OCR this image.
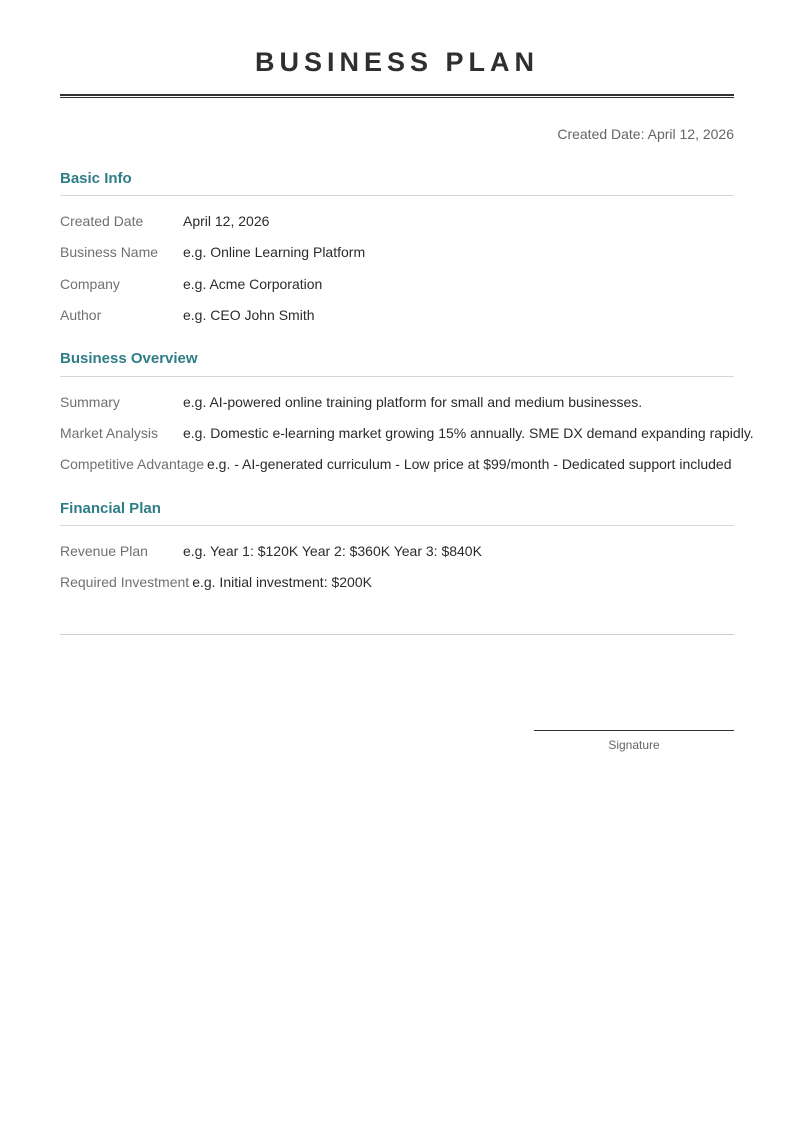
BUSINESS PLAN
Created Date: April 12, 2026
Basic Info
Created Date	April 12, 2026
Business Name e.g. Online Learning Platform
Company	e.g. Acme Corporation
Author	e.g. CEO John Smith
Business Overview
Summary	e.g. AI-powered online training platform for small and medium businesses.
Market Analysis e.g. Domestic e-learning market growing 15% annually. SME DX demand expanding rapidly.
Competitive Advantage e.g. - AI-generated curriculum - Low price at $99/month - Dedicated support included
Financial Plan
Revenue Plan	e.g. Year 1: $120K Year 2: $360K Year 3: $840K
Required Investment e.g. Initial investment: $200K
Signature
